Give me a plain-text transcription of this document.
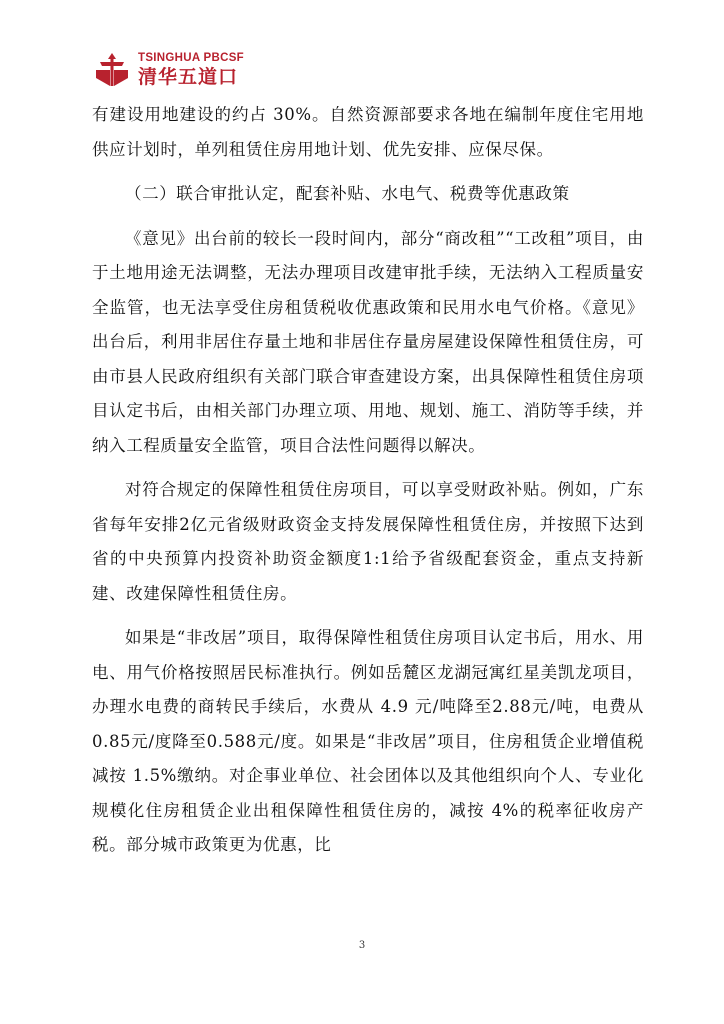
TSINGHUA PBCSF
清华五道口

有建设用地建设的约占 30%。自然资源部要求各地在编制年度住宅用地供应计划时，单列租赁住房用地计划、优先安排、应保尽保。

（二）联合审批认定，配套补贴、水电气、税费等优惠政策

《意见》出台前的较长一段时间内，部分“商改租”“工改租”项目，由于土地用途无法调整，无法办理项目改建审批手续，无法纳入工程质量安全监管，也无法享受住房租赁税收优惠政策和民用水电气价格。《意见》出台后，利用非居住存量土地和非居住存量房屋建设保障性租赁住房，可由市县人民政府组织有关部门联合审查建设方案，出具保障性租赁住房项目认定书后，由相关部门办理立项、用地、规划、施工、消防等手续，并纳入工程质量安全监管，项目合法性问题得以解决。

对符合规定的保障性租赁住房项目，可以享受财政补贴。例如，广东省每年安排2亿元省级财政资金支持发展保障性租赁住房，并按照下达到省的中央预算内投资补助资金额度1:1给予省级配套资金，重点支持新建、改建保障性租赁住房。

如果是“非改居”项目，取得保障性租赁住房项目认定书后，用水、用电、用气价格按照居民标准执行。例如岳麓区龙湖冠寓红星美凯龙项目，办理水电费的商转民手续后，水费从 4.9 元/吨降至2.88元/吨，电费从0.85元/度降至0.588元/度。如果是“非改居”项目，住房租赁企业增值税减按 1.5%缴纳。对企事业单位、社会团体以及其他组织向个人、专业化规模化住房租赁企业出租保障性租赁住房的，减按 4%的税率征收房产税。部分城市政策更为优惠，比

3
